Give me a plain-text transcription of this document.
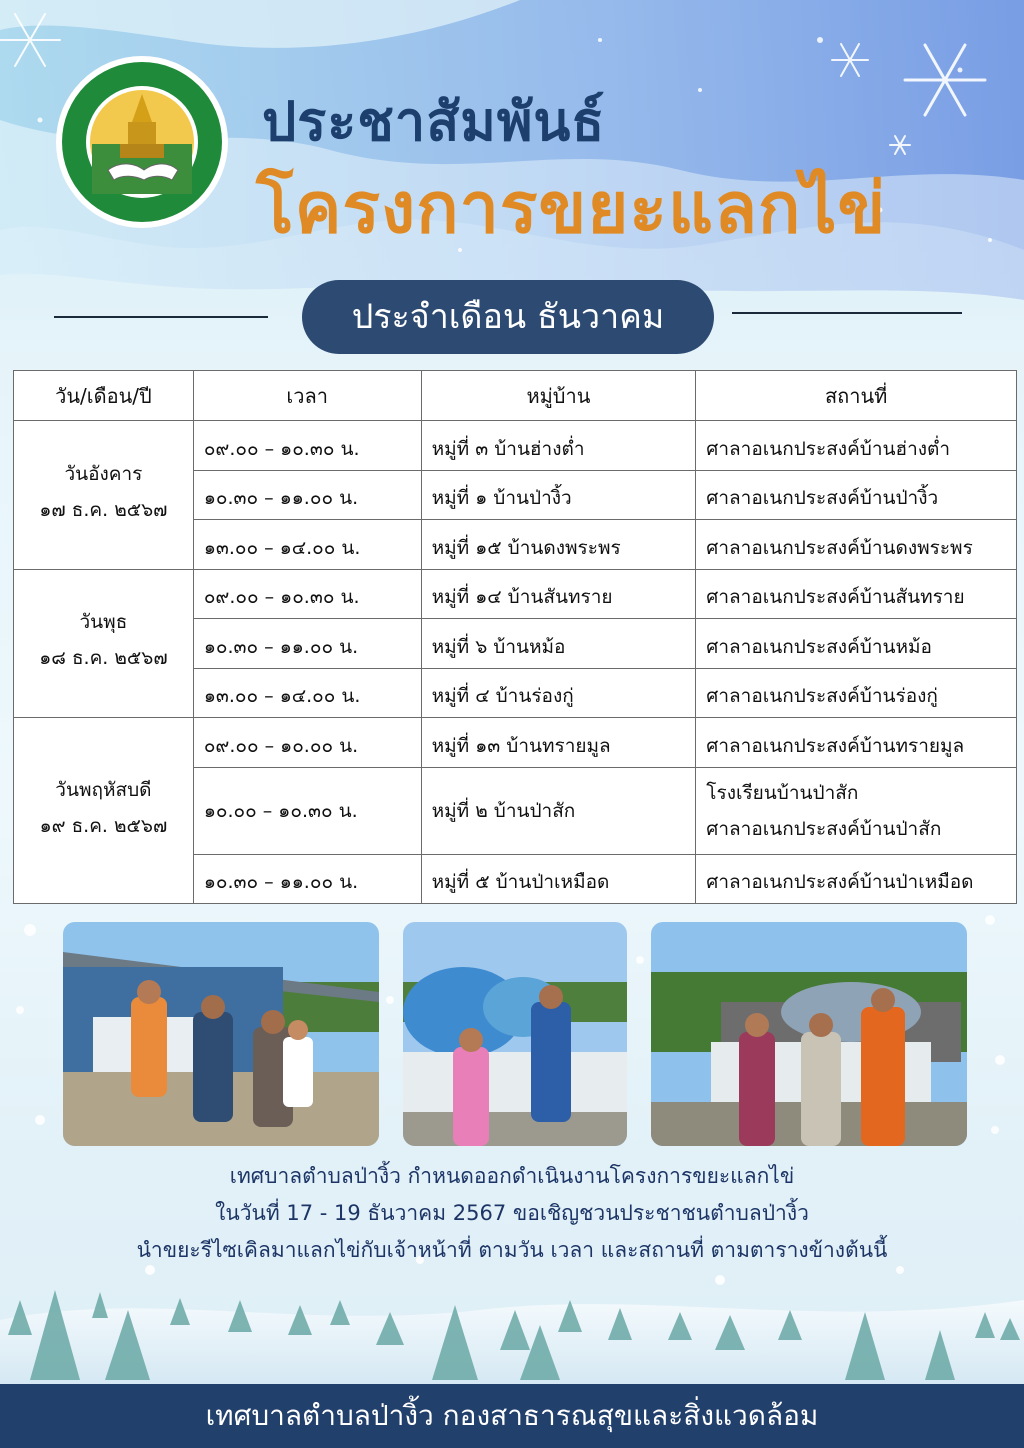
ประชาสัมพันธ์
โครงการขยะแลกไข่
ประจำเดือน ธันวาคม
วัน/เดือน/ปี	เวลา	หมู่บ้าน	สถานที่

วันอังคาร
๑๗ ธ.ค. ๒๕๖๗	๐๙.๐๐ – ๑๐.๓๐ น.	หมู่ที่ ๓ บ้านฮ่างต่ำ	ศาลาอเนกประสงค์บ้านฮ่างต่ำ
	๑๐.๓๐ – ๑๑.๐๐ น.	หมู่ที่ ๑ บ้านป่างิ้ว	ศาลาอเนกประสงค์บ้านป่างิ้ว
	๑๓.๐๐ – ๑๔.๐๐ น.	หมู่ที่ ๑๕ บ้านดงพระพร	ศาลาอเนกประสงค์บ้านดงพระพร

วันพุธ
๑๘ ธ.ค. ๒๕๖๗	๐๙.๐๐ – ๑๐.๓๐ น.	หมู่ที่ ๑๔ บ้านสันทราย	ศาลาอเนกประสงค์บ้านสันทราย
	๑๐.๓๐ – ๑๑.๐๐ น.	หมู่ที่ ๖ บ้านหม้อ	ศาลาอเนกประสงค์บ้านหม้อ
	๑๓.๐๐ – ๑๔.๐๐ น.	หมู่ที่ ๔ บ้านร่องกู่	ศาลาอเนกประสงค์บ้านร่องกู่

วันพฤหัสบดี
๑๙ ธ.ค. ๒๕๖๗	๐๙.๐๐ – ๑๐.๐๐ น.	หมู่ที่ ๑๓ บ้านทรายมูล	ศาลาอเนกประสงค์บ้านทรายมูล
	๑๐.๐๐ – ๑๐.๓๐ น.	หมู่ที่ ๒ บ้านป่าสัก	โรงเรียนบ้านป่าสัก
ศาลาอเนกประสงค์บ้านป่าสัก

	๑๐.๓๐ – ๑๑.๐๐ น.	หมู่ที่ ๕ บ้านป่าเหมือด	ศาลาอเนกประสงค์บ้านป่าเหมือด
เทศบาลตำบลป่างิ้ว กำหนดออกดำเนินงานโครงการขยะแลกไข่
ในวันที่ 17 - 19 ธันวาคม 2567 ขอเชิญชวนประชาชนตำบลป่างิ้ว
นำขยะรีไซเคิลมาแลกไข่กับเจ้าหน้าที่ ตามวัน เวลา และสถานที่ ตามตารางข้างต้นนี้
เทศบาลตำบลป่างิ้ว กองสาธารณสุขและสิ่งแวดล้อม
